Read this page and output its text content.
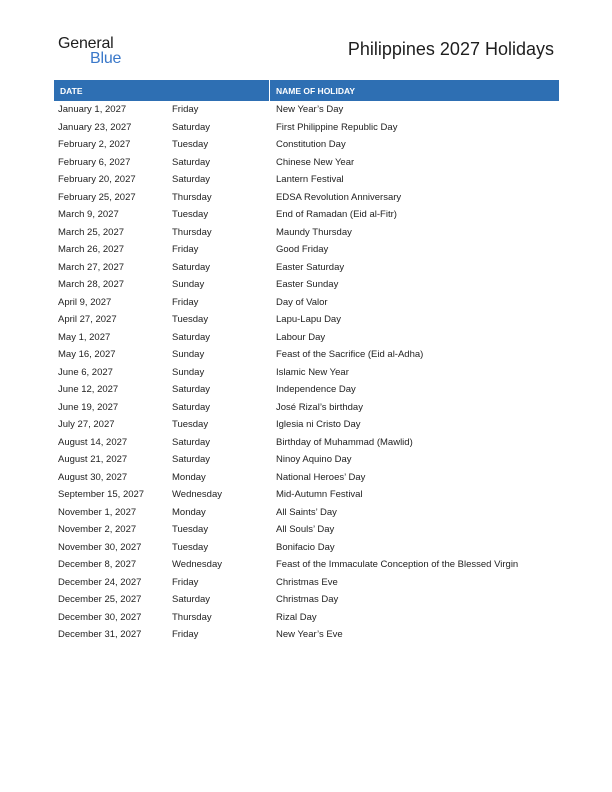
General
Blue	Philippines 2027 Holidays
DATE	NAME OF HOLIDAY
January 1, 2027	Friday	New Year’s Day
January 23, 2027	Saturday	First Philippine Republic Day
February 2, 2027	Tuesday	Constitution Day
February 6, 2027	Saturday	Chinese New Year
February 20, 2027	Saturday	Lantern Festival
February 25, 2027	Thursday	EDSA Revolution Anniversary
March 9, 2027	Tuesday	End of Ramadan (Eid al-Fitr)
March 25, 2027	Thursday	Maundy Thursday
March 26, 2027	Friday	Good Friday
March 27, 2027	Saturday	Easter Saturday
March 28, 2027	Sunday	Easter Sunday
April 9, 2027	Friday	Day of Valor
April 27, 2027	Tuesday	Lapu-Lapu Day
May 1, 2027	Saturday	Labour Day
May 16, 2027	Sunday	Feast of the Sacrifice (Eid al-Adha)
June 6, 2027	Sunday	Islamic New Year
June 12, 2027	Saturday	Independence Day
June 19, 2027	Saturday	José Rizal’s birthday
July 27, 2027	Tuesday	Iglesia ni Cristo Day
August 14, 2027	Saturday	Birthday of Muhammad (Mawlid)
August 21, 2027	Saturday	Ninoy Aquino Day
August 30, 2027	Monday	National Heroes’ Day
September 15, 2027	Wednesday	Mid-Autumn Festival
November 1, 2027	Monday	All Saints’ Day
November 2, 2027	Tuesday	All Souls’ Day
November 30, 2027	Tuesday	Bonifacio Day
December 8, 2027	Wednesday	Feast of the Immaculate Conception of the Blessed Virgin
December 24, 2027	Friday	Christmas Eve
December 25, 2027	Saturday	Christmas Day
December 30, 2027	Thursday	Rizal Day
December 31, 2027	Friday	New Year’s Eve
